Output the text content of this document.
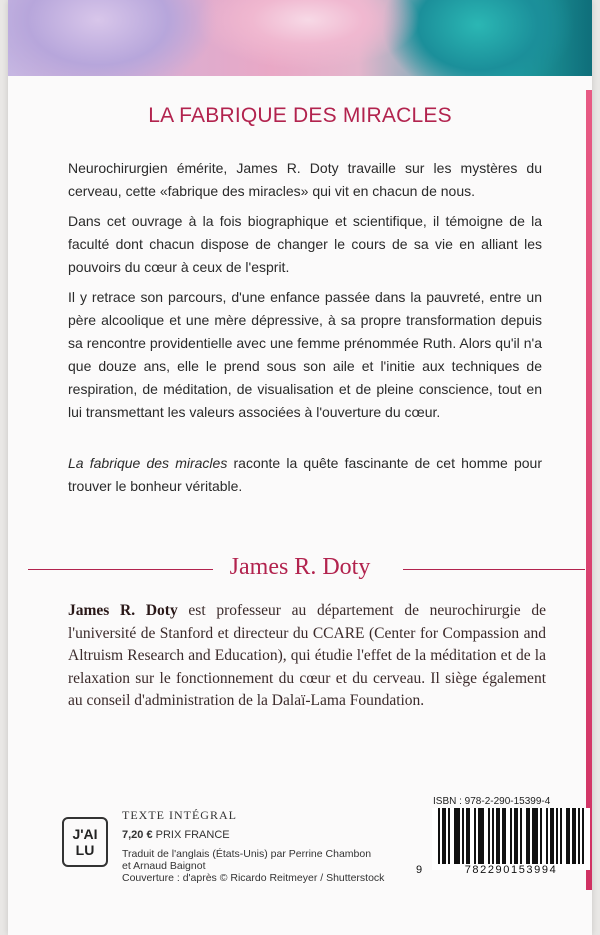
LA FABRIQUE DES MIRACLES

Neurochirurgien émérite, James R. Doty travaille sur les mystères du cerveau, cette «fabrique des miracles» qui vit en chacun de nous.

Dans cet ouvrage à la fois biographique et scientifique, il témoigne de la faculté dont chacun dispose de changer le cours de sa vie en alliant les pouvoirs du cœur à ceux de l'esprit.

Il y retrace son parcours, d'une enfance passée dans la pauvreté, entre un père alcoolique et une mère dépressive, à sa propre transformation depuis sa rencontre providentielle avec une femme prénommée Ruth. Alors qu'il n'a que douze ans, elle le prend sous son aile et l'initie aux techniques de respiration, de méditation, de visualisation et de pleine conscience, tout en lui transmettant les valeurs associées à l'ouverture du cœur.

La fabrique des miracles raconte la quête fascinante de cet homme pour trouver le bonheur véritable.

James R. Doty

James R. Doty est professeur au département de neurochirurgie de l'université de Stanford et directeur du CCARE (Center for Compassion and Altruism Research and Education), qui étudie l'effet de la méditation et de la relaxation sur le fonctionnement du cœur et du cerveau. Il siège également au conseil d'administration de la Dalaï-Lama Foundation.

J'AI
LU
TEXTE INTÉGRAL
7,20 € PRIX FRANCE
Traduit de l'anglais (États-Unis) par Perrine Chambon
et Arnaud Baignot
Couverture : d'après © Ricardo Reitmeyer / Shutterstock
ISBN : 978-2-290-15399-4
9	782290153994
